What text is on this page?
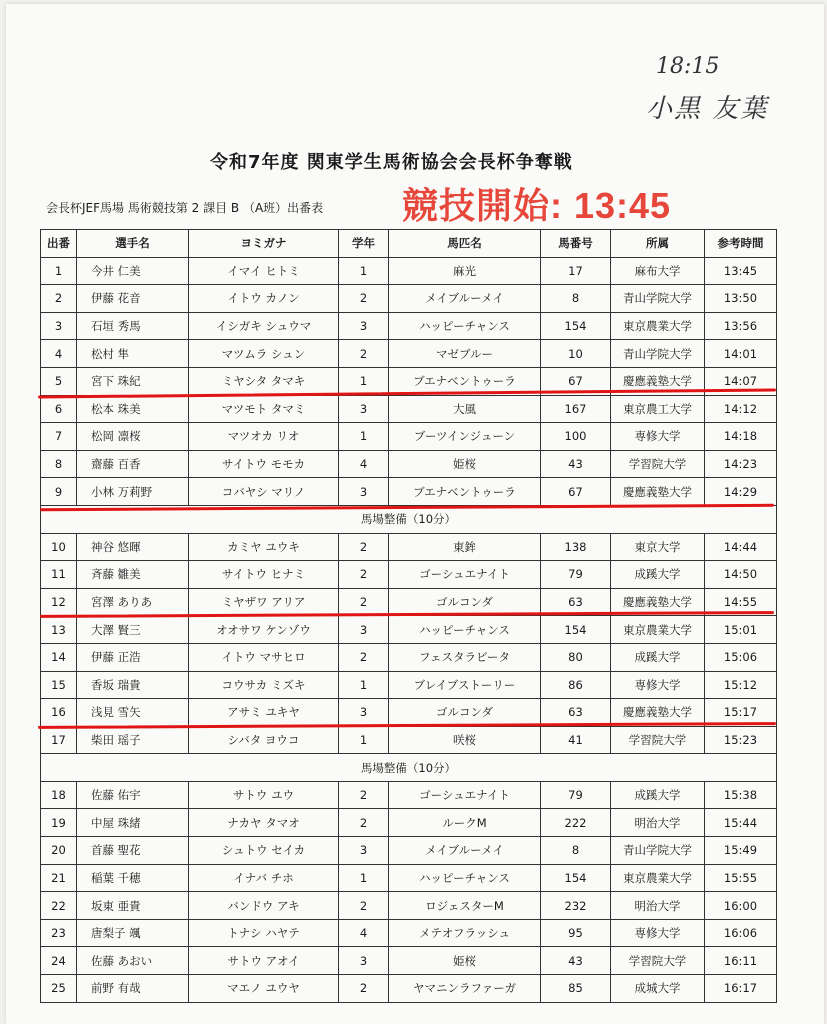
18:15
小黒 友葉
令和7年度 関東学生馬術協会会長杯争奪戦
会長杯JEF馬場 馬術競技第 2 課目 B （A班）出番表 競技開始: 13:45
出番	選手名	ヨミガナ	学年	馬匹名	馬番号	所属	参考時間
1	今井 仁美	イマイ ヒトミ	1	麻光	17	麻布大学	13:45
2	伊藤 花音	イトウ カノン	2	メイブルーメイ	8	青山学院大学	13:50
3	石垣 秀馬	イシガキ シュウマ	3	ハッピーチャンス	154	東京農業大学	13:56
4	松村 隼	マツムラ シュン	2	マゼブルー	10	青山学院大学	14:01
5	宮下 珠紀	ミヤシタ タマキ	1	ブエナベントゥーラ	67	慶應義塾大学	14:07
6	松本 珠美	マツモト タマミ	3	大風	167	東京農工大学	14:12
7	松岡 凛桜	マツオカ リオ	1	ブーツインジューン	100	専修大学	14:18
8	齋藤 百香	サイトウ モモカ	4	姫桜	43	学習院大学	14:23
9	小林 万莉野	コバヤシ マリノ	3	ブエナベントゥーラ	67	慶應義塾大学	14:29
馬場整備（10分）							
10	神谷 悠暉	カミヤ ユウキ	2	東鉾	138	東京大学	14:44
11	斉藤 雛美	サイトウ ヒナミ	2	ゴーシュエナイト	79	成蹊大学	14:50
12	宮澤 ありあ	ミヤザワ アリア	2	ゴルコンダ	63	慶應義塾大学	14:55
13	大澤 賢三	オオサワ ケンゾウ	3	ハッピーチャンス	154	東京農業大学	15:01
14	伊藤 正浩	イトウ マサヒロ	2	フェスタラビータ	80	成蹊大学	15:06
15	香坂 瑞貴	コウサカ ミズキ	1	ブレイブストーリー	86	専修大学	15:12
16	浅見 雪矢	アサミ ユキヤ	3	ゴルコンダ	63	慶應義塾大学	15:17
17	柴田 瑶子	シバタ ヨウコ	1	咲桜	41	学習院大学	15:23
馬場整備（10分）							
18	佐藤 佑宇	サトウ ユウ	2	ゴーシュエナイト	79	成蹊大学	15:38
19	中屋 珠緒	ナカヤ タマオ	2	ルークM	222	明治大学	15:44
20	首藤 聖花	シュトウ セイカ	3	メイブルーメイ	8	青山学院大学	15:49
21	稲葉 千穂	イナバ チホ	1	ハッピーチャンス	154	東京農業大学	15:55
22	坂東 亜貴	バンドウ アキ	2	ロジェスターM	232	明治大学	16:00
23	唐梨子 颯	トナシ ハヤテ	4	メテオフラッシュ	95	専修大学	16:06
24	佐藤 あおい	サトウ アオイ	3	姫桜	43	学習院大学	16:11
25	前野 有哉	マエノ ユウヤ	2	ヤマニンラファーガ	85	成城大学	16:17
